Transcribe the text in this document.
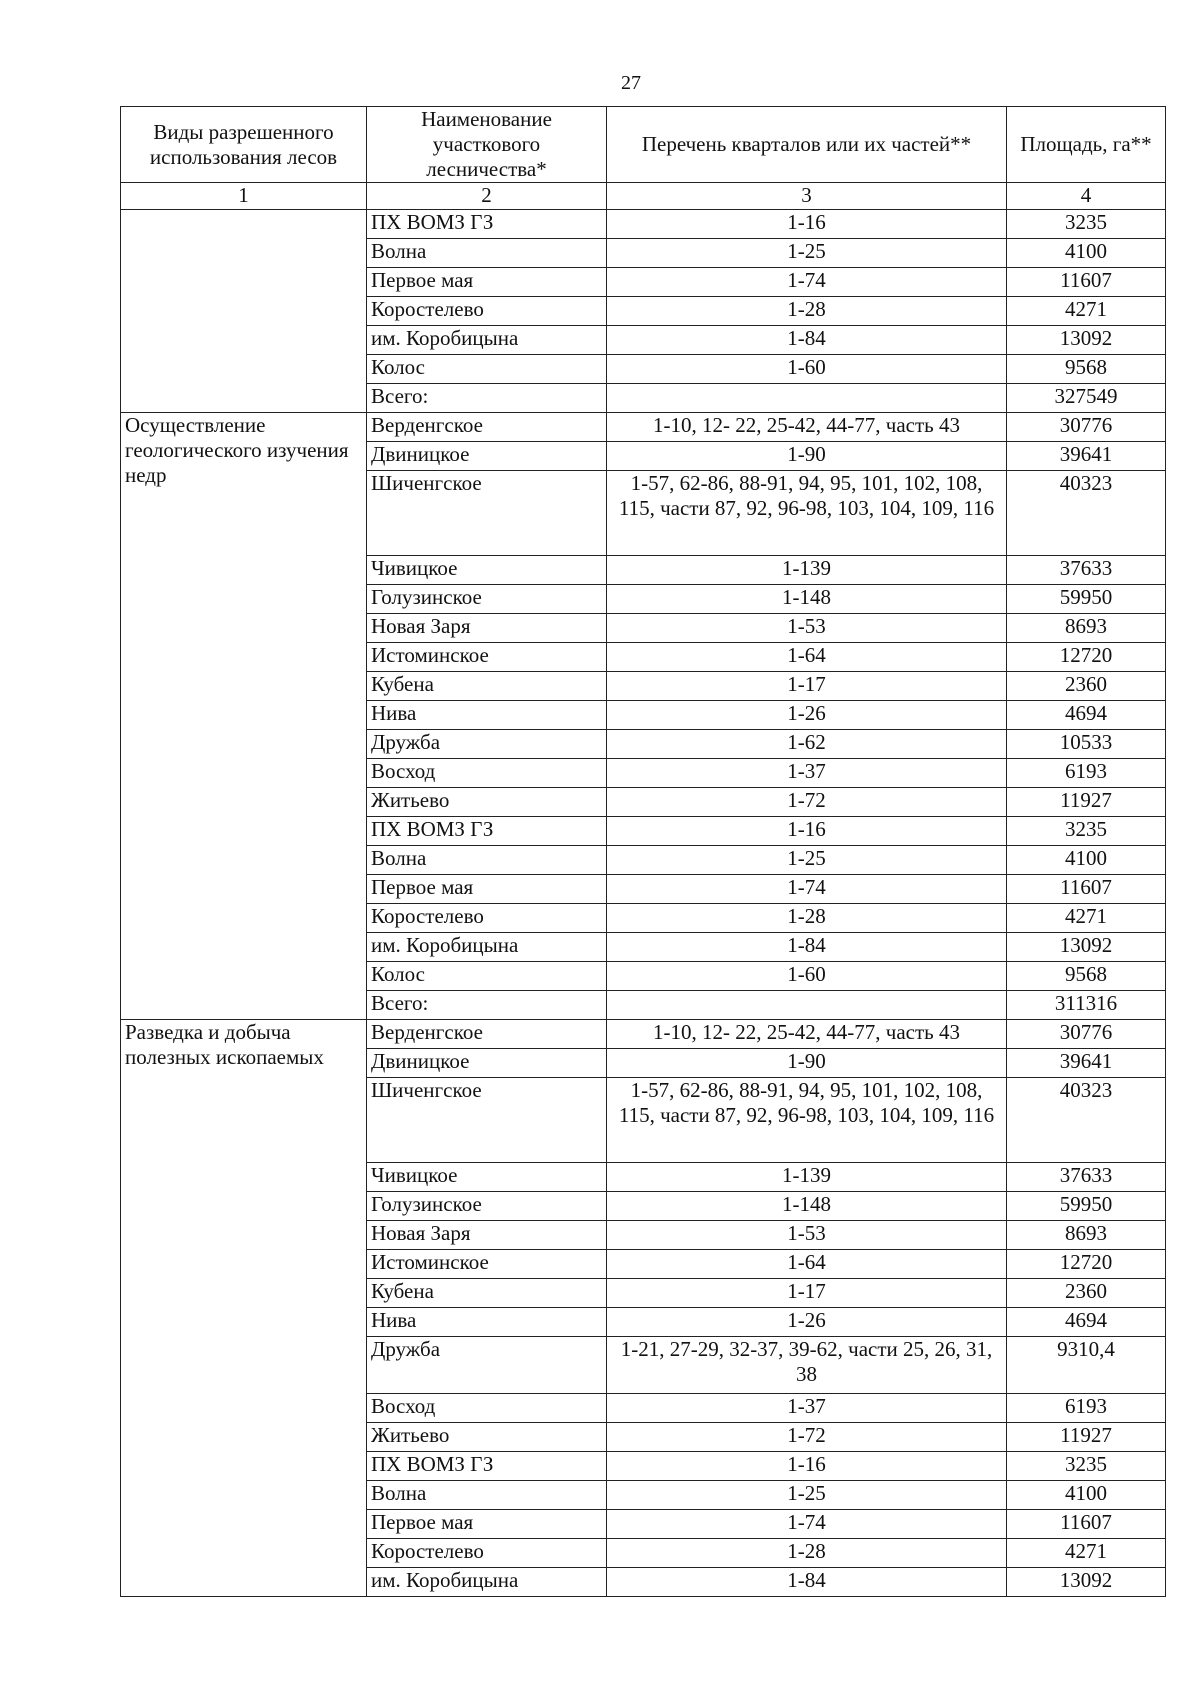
27
Виды разрешенного использования лесов	Наименование участкового лесничества*	Перечень кварталов или их частей**	Площадь, га**
1	2	3	4
	ПХ ВОМЗ ГЗ	1-16	3235
	Волна	1-25	4100
	Первое мая	1-74	11607
	Коростелево	1-28	4271
	им. Коробицына	1-84	13092
	Колос	1-60	9568
	Всего:		327549
Осуществление геологического изучения недр	Верденгское	1-10, 12- 22, 25-42, 44-77, часть 43	30776
	Двиницкое	1-90	39641
	Шиченгское	1-57, 62-86, 88-91, 94, 95, 101, 102, 108, 115, части 87, 92, 96-98, 103, 104, 109, 116	40323
	Чивицкое	1-139	37633
	Голузинское	1-148	59950
	Новая Заря	1-53	8693
	Истоминское	1-64	12720
	Кубена	1-17	2360
	Нива	1-26	4694
	Дружба	1-62	10533
	Восход	1-37	6193
	Житьево	1-72	11927
	ПХ ВОМЗ ГЗ	1-16	3235
	Волна	1-25	4100
	Первое мая	1-74	11607
	Коростелево	1-28	4271
	им. Коробицына	1-84	13092
	Колос	1-60	9568
	Всего:		311316
Разведка и добыча полезных ископаемых	Верденгское	1-10, 12- 22, 25-42, 44-77, часть 43	30776
	Двиницкое	1-90	39641
	Шиченгское	1-57, 62-86, 88-91, 94, 95, 101, 102, 108, 115, части 87, 92, 96-98, 103, 104, 109, 116	40323
	Чивицкое	1-139	37633
	Голузинское	1-148	59950
	Новая Заря	1-53	8693
	Истоминское	1-64	12720
	Кубена	1-17	2360
	Нива	1-26	4694
	Дружба	1-21, 27-29, 32-37, 39-62, части 25, 26, 31, 38	9310,4
	Восход	1-37	6193
	Житьево	1-72	11927
	ПХ ВОМЗ ГЗ	1-16	3235
	Волна	1-25	4100
	Первое мая	1-74	11607
	Коростелево	1-28	4271
	им. Коробицына	1-84	13092
